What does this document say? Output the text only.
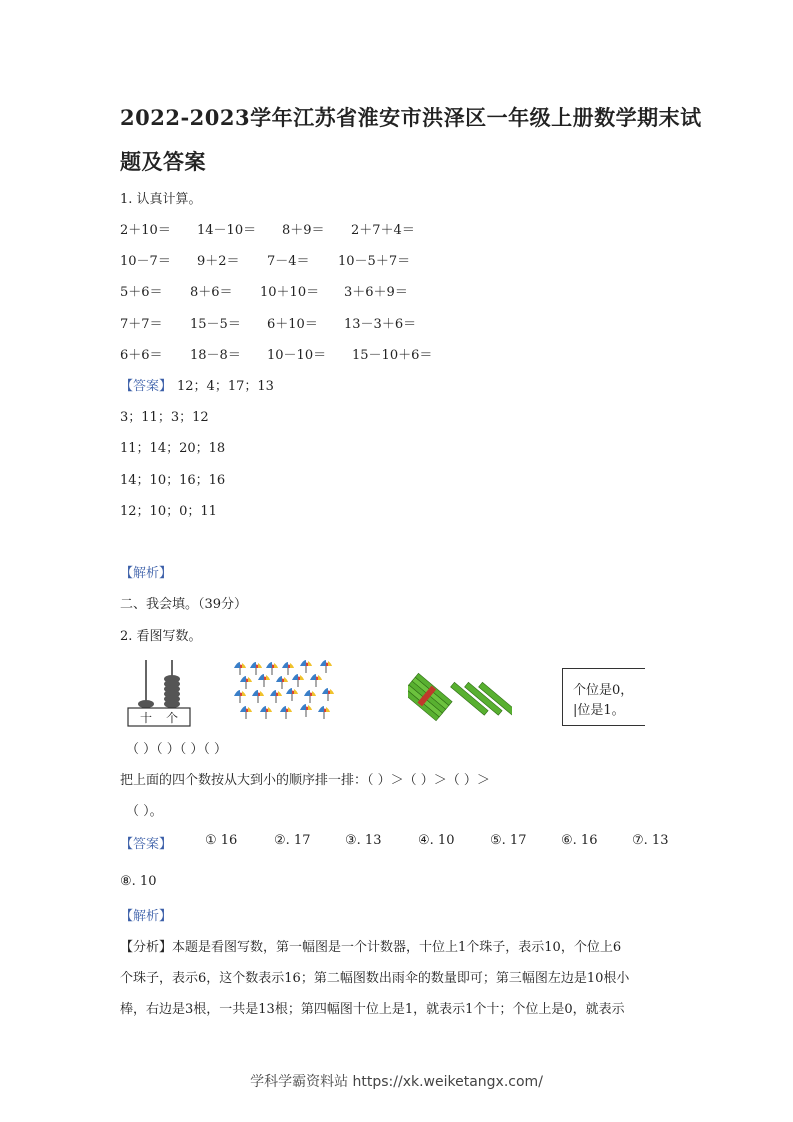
2022-2023学年江苏省淮安市洪泽区一年级上册数学期末试
题及答案
1. 认真计算。
2＋10＝ 14－10＝ 8＋9＝ 2＋7＋4＝
10－7＝ 9＋2＝ 7－4＝ 10－5＋7＝
5＋6＝ 8＋6＝ 10＋10＝ 3＋6＋9＝
7＋7＝ 15－5＝ 6＋10＝ 13－3＋6＝
6＋6＝ 18－8＝ 10－10＝ 15－10＋6＝
【答案】 12；4；17；13
3；11；3；12
11；14；20；18
14；10；16；16
12；10；0；11
【解析】
二、我会填。（39分）
2. 看图写数。
十 个
个位是0，
|位是1。
（ ）（ ）（ ）（ ）
把上面的四个数按从大到小的顺序排一排：（ ）＞（ ）＞（ ）＞
（ ）。
【答案】	① 16	②. 17	③. 13	④. 10	⑤. 17	⑥. 16	⑦. 13
⑧. 10
【解析】
【分析】本题是看图写数，第一幅图是一个计数器，十位上1个珠子，表示10，个位上6
个珠子，表示6，这个数表示16；第二幅图数出雨伞的数量即可；第三幅图左边是10根小
棒，右边是3根，一共是13根；第四幅图十位上是1，就表示1个十；个位上是0，就表示
学科学霸资料站 https://xk.weiketangx.com/
